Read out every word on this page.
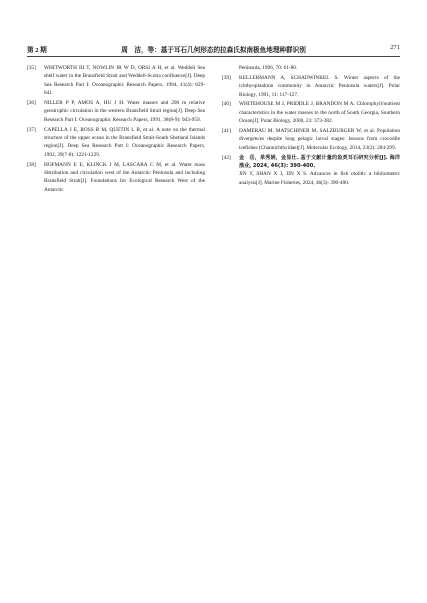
第 2 期	周　洁，等：基于耳石几何形态的拉森氏拟南极鱼地理种群识别	271
[35] WHITWORTH III T, NOWLIN JR W D, ORSI A H, et al. Weddell Sea shelf water in the Bransfield Strait and Weddell-Scotia confluence[J]. Deep Sea Research Part I: Oceanographic Research Papers, 1994, 41(4): 629-641.
[36] NILLER P P, AMOS A, HU J H. Water masses and 200 m relative geostrophic circulation in the western Bransfield Strait region[J]. Deep Sea Research Part I: Oceanographic Research Papers, 1991, 38(8-9): 943-959.
[37] CAPELLA J E, ROSS R M, QUETIN L B, et al. A note on the thermal structure of the upper ocean in the Bransfield Strait-South Shetland Islands region[J]. Deep Sea Research Part I: Oceanographic Research Papers, 1992, 39(7-8): 1221-1229.
[38] HOFMANN E E, KLINCK J M, LASCARA C M, et al. Water mass distribution and circulation west of the Antarctic Peninsula and including Bransfield Strait[J]. Foundations for Ecological Research West of the Antarctic
Peninsula, 1996, 70: 61-80.
[39] KELLERMANN A, SCHADWINKEL S. Winter aspects of the ichthyoplankton community in Antarctic Peninsula waters[J]. Polar Biology, 1991, 11: 117-127.
[40] WHITEHOUSE M J, PRIDDLE J, BRANDON M A. Chlorophyll/nutrient characteristics in the water masses to the north of South Georgia, Southern Ocean[J]. Polar Biology, 2000, 23: 373-382.
[41] DAMERAU M, MATSCHINER M, SALZBURGER W, et al. Population divergences despite long pelagic larval stages: lessons from crocodile icefishes (Channichthyidae)[J]. Molecular Ecology, 2014, 23(2): 284-299.
[42] 金　岳，单秀娟，金显仕. 基于文献计量的鱼类耳石研究分析[J]. 海洋渔业, 2024, 46(3): 390-400.
JIN Y, SHAN X J, JIN X S. Advances in fish otolith: a bibliometric analysis[J]. Marine Fisheries, 2024, 46(3): 390-400.
